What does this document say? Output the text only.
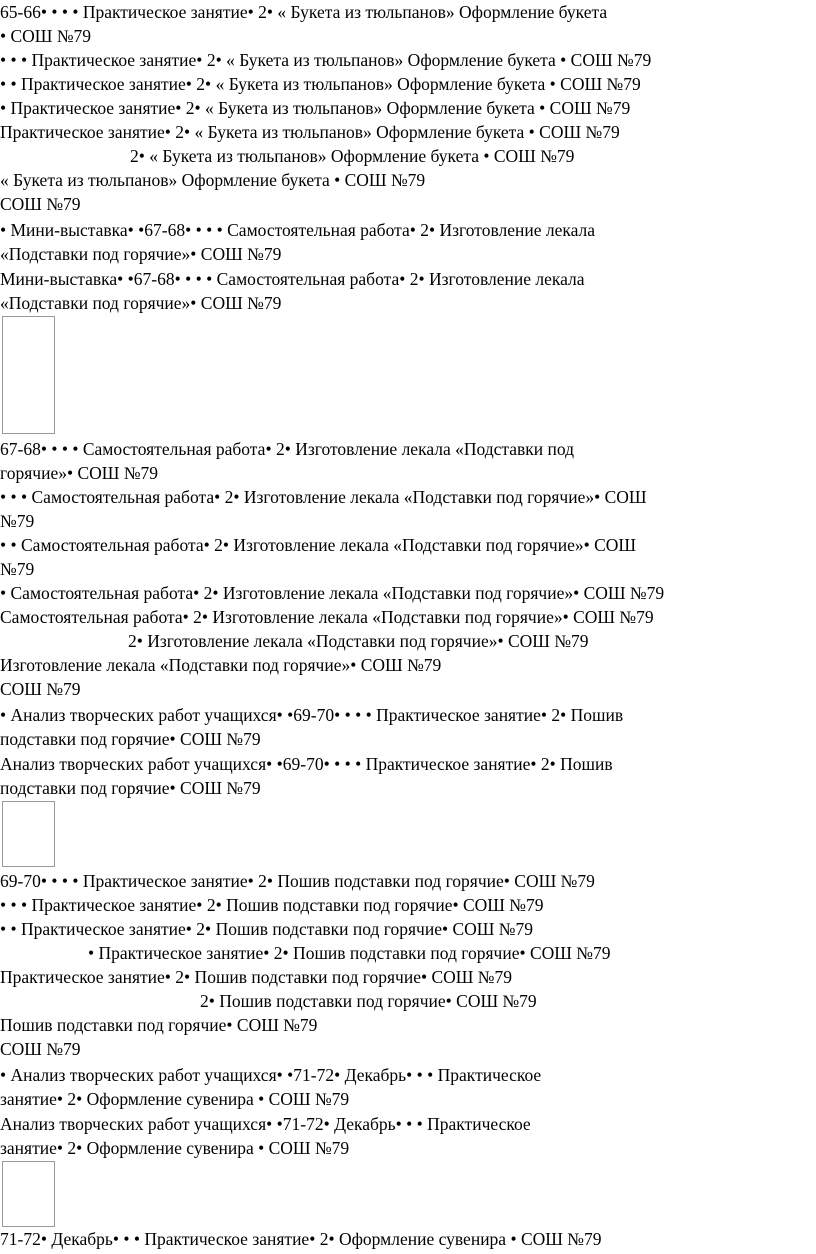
65-66• • • • Практическое занятие• 2• « Букета из тюльпанов» Оформление букета
• СОШ №79
• • • Практическое занятие• 2• « Букета из тюльпанов» Оформление букета • СОШ №79
• • Практическое занятие• 2• « Букета из тюльпанов» Оформление букета • СОШ №79
• Практическое занятие• 2• « Букета из тюльпанов» Оформление букета • СОШ №79
Практическое занятие• 2• « Букета из тюльпанов» Оформление букета • СОШ №79
2• « Букета из тюльпанов» Оформление букета • СОШ №79
« Букета из тюльпанов» Оформление букета • СОШ №79
СОШ №79
• Мини-выставка• •67-68• • • • Самостоятельная работа• 2• Изготовление лекала
«Подставки под горячие»• СОШ №79
Мини-выставка• •67-68• • • • Самостоятельная работа• 2• Изготовление лекала
«Подставки под горячие»• СОШ №79
67-68• • • • Самостоятельная работа• 2• Изготовление лекала «Подставки под
горячие»• СОШ №79
• • • Самостоятельная работа• 2• Изготовление лекала «Подставки под горячие»• СОШ
№79
• • Самостоятельная работа• 2• Изготовление лекала «Подставки под горячие»• СОШ
№79
• Самостоятельная работа• 2• Изготовление лекала «Подставки под горячие»• СОШ №79
Самостоятельная работа• 2• Изготовление лекала «Подставки под горячие»• СОШ №79
2• Изготовление лекала «Подставки под горячие»• СОШ №79
Изготовление лекала «Подставки под горячие»• СОШ №79
СОШ №79
• Анализ творческих работ учащихся• •69-70• • • • Практическое занятие• 2• Пошив
подставки под горячие• СОШ №79
Анализ творческих работ учащихся• •69-70• • • • Практическое занятие• 2• Пошив
подставки под горячие• СОШ №79
69-70• • • • Практическое занятие• 2• Пошив подставки под горячие• СОШ №79
• • • Практическое занятие• 2• Пошив подставки под горячие• СОШ №79
• • Практическое занятие• 2• Пошив подставки под горячие• СОШ №79
• Практическое занятие• 2• Пошив подставки под горячие• СОШ №79
Практическое занятие• 2• Пошив подставки под горячие• СОШ №79
2• Пошив подставки под горячие• СОШ №79
Пошив подставки под горячие• СОШ №79
СОШ №79
• Анализ творческих работ учащихся• •71-72• Декабрь• • • Практическое
занятие• 2• Оформление сувенира • СОШ №79
Анализ творческих работ учащихся• •71-72• Декабрь• • • Практическое
занятие• 2• Оформление сувенира • СОШ №79
71-72• Декабрь• • • Практическое занятие• 2• Оформление сувенира • СОШ №79
